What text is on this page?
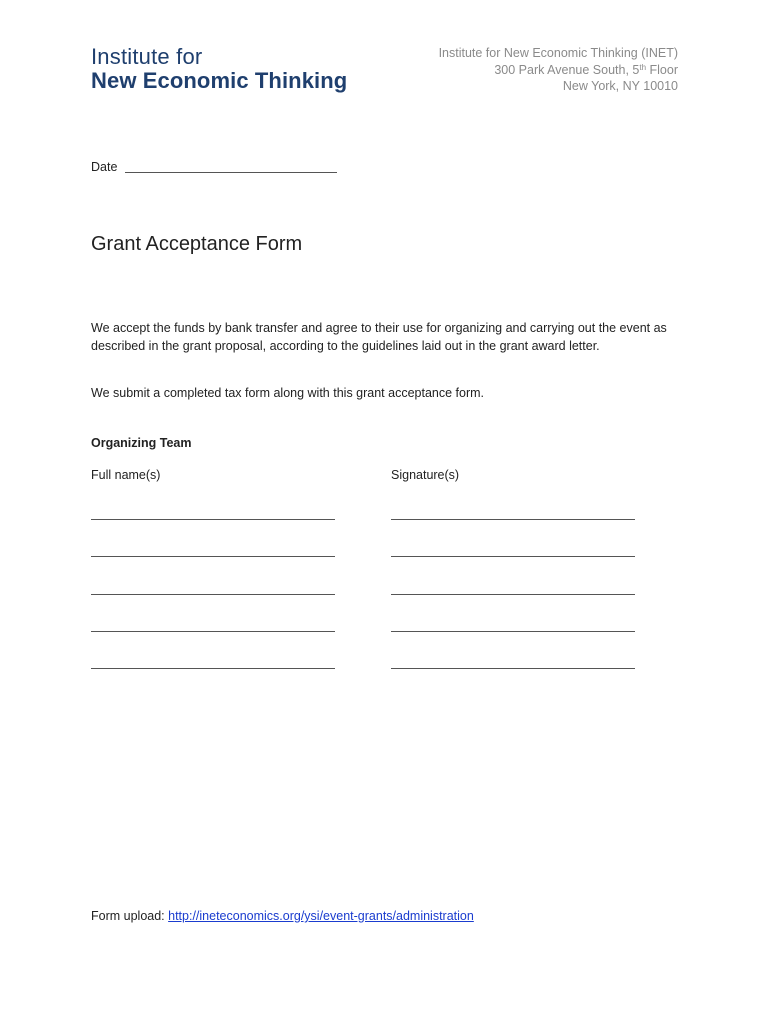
Institute for
New Economic Thinking
Institute for New Economic Thinking (INET)
300 Park Avenue South, 5th Floor
New York, NY 10010
Date
Grant Acceptance Form

We accept the funds by bank transfer and agree to their use for organizing and carrying out the event as described in the grant proposal, according to the guidelines laid out in the grant award letter.

We submit a completed tax form along with this grant acceptance form.

Organizing Team
Full name(s)	Signature(s)
Form upload: http://ineteconomics.org/ysi/event-grants/administration
